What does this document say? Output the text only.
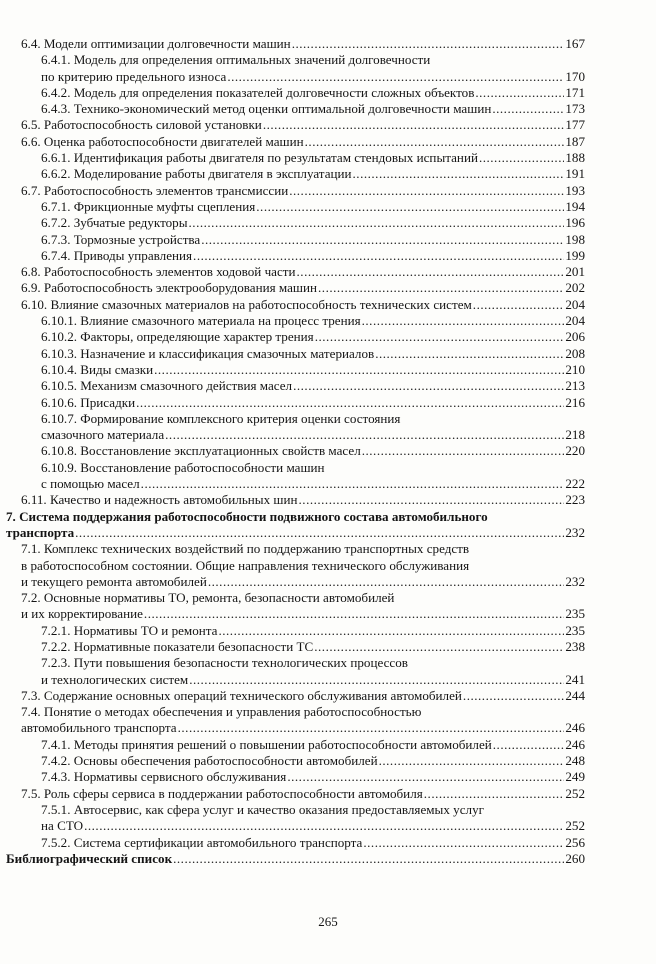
6.4. Модели оптимизации долговечности машин .....	167
6.4.1. Модель для определения оптимальных значений долговечности
по критерию предельного износа .....	170
6.4.2. Модель для определения показателей долговечности сложных объектов .....	171
6.4.3. Технико-экономический метод оценки оптимальной долговечности машин .....	173
6.5. Работоспособность силовой установки .....	177
6.6. Оценка работоспособности двигателей машин .....	187
6.6.1. Идентификация работы двигателя по результатам стендовых испытаний .....	188
6.6.2. Моделирование работы двигателя в эксплуатации .....	191
6.7. Работоспособность элементов трансмиссии .....	193
6.7.1. Фрикционные муфты сцепления .....	194
6.7.2. Зубчатые редукторы .....	196
6.7.3. Тормозные устройства .....	198
6.7.4. Приводы управления .....	199
6.8. Работоспособность элементов ходовой части .....	201
6.9. Работоспособность электрооборудования машин .....	202
6.10. Влияние смазочных материалов на работоспособность технических систем .....	204
6.10.1. Влияние смазочного материала на процесс трения .....	204
6.10.2. Факторы, определяющие характер трения .....	206
6.10.3. Назначение и классификация смазочных материалов .....	208
6.10.4. Виды смазки .....	210
6.10.5. Механизм смазочного действия масел .....	213
6.10.6. Присадки .....	216
6.10.7. Формирование комплексного критерия оценки состояния
смазочного материала .....	218
6.10.8. Восстановление эксплуатационных свойств масел .....	220
6.10.9. Восстановление работоспособности машин
с помощью масел .....	222
6.11. Качество и надежность автомобильных шин .....	223
7. Система поддержания работоспособности подвижного состава автомобильного
транспорта .....	232
7.1. Комплекс технических воздействий по поддержанию транспортных средств
в работоспособном состоянии. Общие направления технического обслуживания
и текущего ремонта автомобилей .....	232
7.2. Основные нормативы ТО, ремонта, безопасности автомобилей
и их корректирование .....	235
7.2.1. Нормативы ТО и ремонта .....	235
7.2.2. Нормативные показатели безопасности ТС .....	238
7.2.3. Пути повышения безопасности технологических процессов
и технологических систем .....	241
7.3. Содержание основных операций технического обслуживания автомобилей .....	244
7.4. Понятие о методах обеспечения и управления работоспособностью
автомобильного транспорта .....	246
7.4.1. Методы принятия решений о повышении работоспособности автомобилей .....	246
7.4.2. Основы обеспечения работоспособности автомобилей .....	248
7.4.3. Нормативы сервисного обслуживания .....	249
7.5. Роль сферы сервиса в поддержании работоспособности автомобиля .....	252
7.5.1. Автосервис, как сфера услуг и качество оказания предоставляемых услуг
на СТО .....	252
7.5.2. Система сертификации автомобильного транспорта .....	256
Библиографический список .....	260
265
